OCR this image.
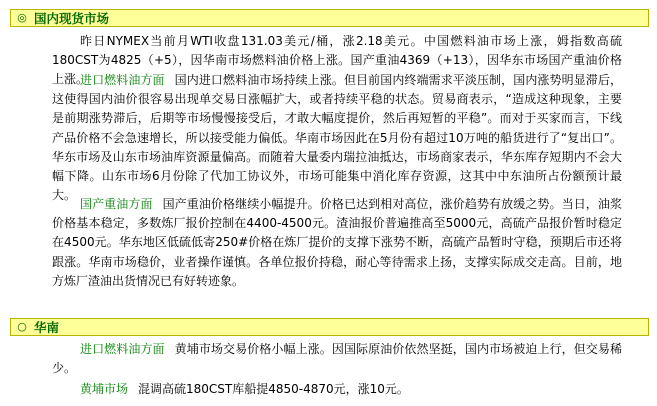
◎ 国内现货市场
昨日NYMEX当前月WTI收盘131.03美元/桶，涨2.18美元。中国燃料油市场上涨，姆指数高硫180CST为4825（+5），因华南市场燃料油价格上涨。国产重油4369（+13），因华东市场国产重油价格上涨。
进口燃料油方面 国内进口燃料油市场持续上涨。但目前国内终端需求平淡压制，国内涨势明显滞后，这使得国内油价很容易出现单交易日涨幅扩大，或者持续平稳的状态。贸易商表示，“造成这种现象，主要是前期涨势滞后，后期等市场慢慢接受后，才敢大幅度提价，然后再短暂的平稳”。而对于买家而言，下线产品价格不会急速增长，所以接受能力偏低。华南市场因此在5月份有超过10万吨的船货进行了“复出口”。华东市场及山东市场油库资源量偏高。而随着大量委内瑞拉油抵达，市场商家表示，华东库存短期内不会大幅下降。山东市场6月份除了代加工协议外，市场可能集中消化库存资源，这其中中东油所占份额预计最大。
国产重油方面 国产重油价格继续小幅提升。价格已达到相对高位，涨价趋势有放缓之势。当日，油浆价格基本稳定，多数炼厂报价控制在4400-4500元。渣油报价普遍推高至5000元，高硫产品报价暂时稳定在4500元。华东地区低硫低寄250#价格在炼厂提价的支撑下涨势不断，高硫产品暂时守稳，预期后市还将跟涨。华南市场稳价，业者操作谨慎。各单位报价持稳，耐心等待需求上扬，支撑实际成交走高。目前，地方炼厂渣油出货情况已有好转迹象。
○ 华南
进口燃料油方面 黄埔市场交易价格小幅上涨。因国际原油价依然坚挺，国内市场被迫上行，但交易稀少。
黄埔市场 混调高硫180CST库船提4850-4870元，涨10元。
